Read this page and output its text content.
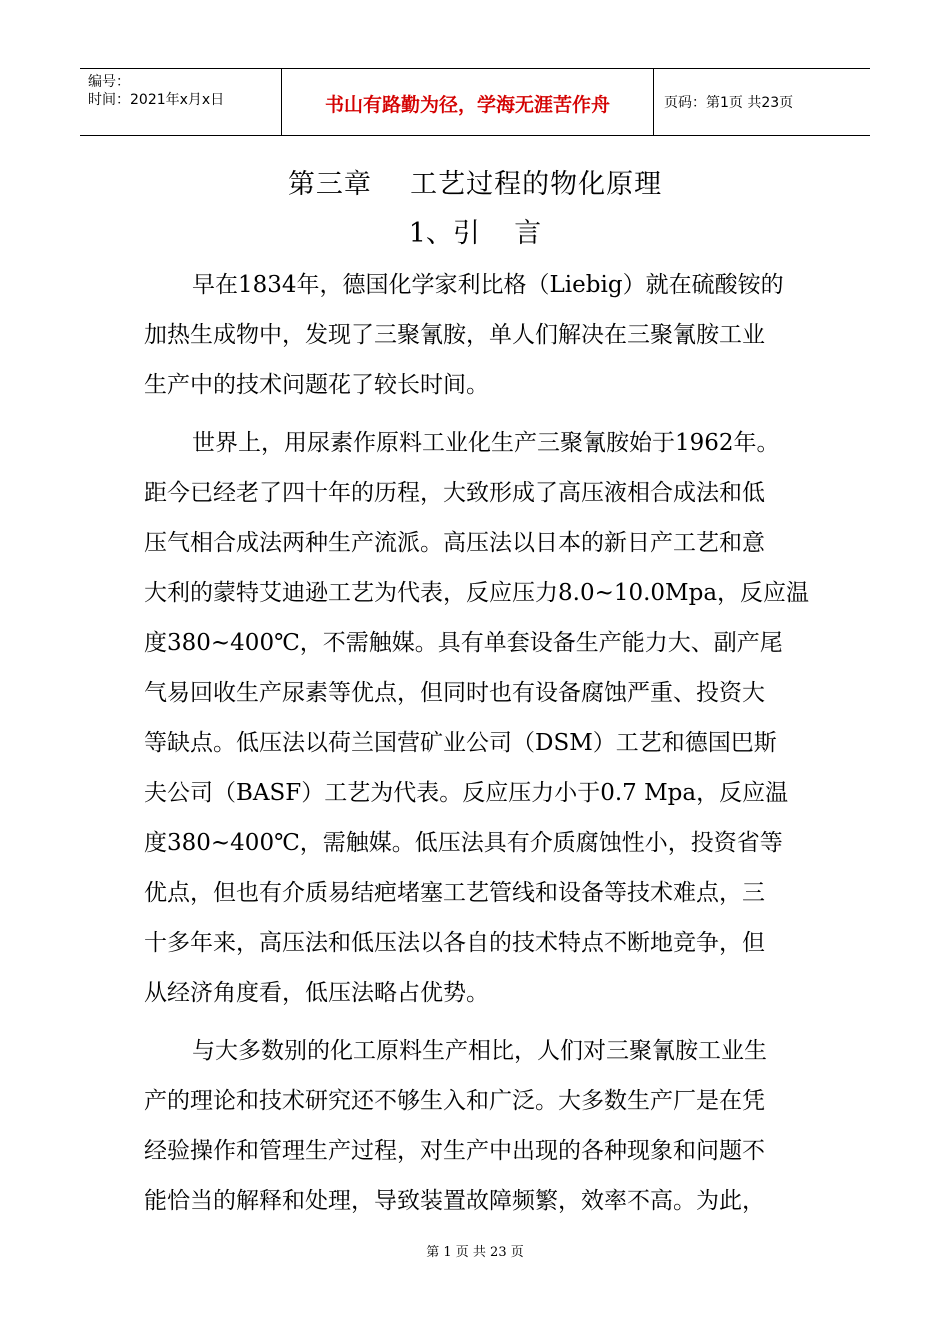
编号：
时间：2021年x月x日	书山有路勤为径，学海无涯苦作舟	页码：第1页 共23页
第三章    工艺过程的物化原理
1、引    言
早在1834年，德国化学家利比格（Liebig）就在硫酸铵的
加热生成物中，发现了三聚氰胺，单人们解决在三聚氰胺工业
生产中的技术问题花了较长时间。
世界上，用尿素作原料工业化生产三聚氰胺始于1962年。
距今已经老了四十年的历程，大致形成了高压液相合成法和低
压气相合成法两种生产流派。高压法以日本的新日产工艺和意
大利的蒙特艾迪逊工艺为代表，反应压力8.0~10.0Mpa，反应温
度380~400℃，不需触媒。具有单套设备生产能力大、副产尾
气易回收生产尿素等优点，但同时也有设备腐蚀严重、投资大
等缺点。低压法以荷兰国营矿业公司（DSM）工艺和德国巴斯
夫公司（BASF）工艺为代表。反应压力小于0.7 Mpa，反应温
度380~400℃，需触媒。低压法具有介质腐蚀性小，投资省等
优点，但也有介质易结疤堵塞工艺管线和设备等技术难点，三
十多年来，高压法和低压法以各自的技术特点不断地竞争，但
从经济角度看，低压法略占优势。
与大多数别的化工原料生产相比，人们对三聚氰胺工业生
产的理论和技术研究还不够生入和广泛。大多数生产厂是在凭
经验操作和管理生产过程，对生产中出现的各种现象和问题不
能恰当的解释和处理，导致装置故障频繁，效率不高。为此，
第 1 页 共 23 页
